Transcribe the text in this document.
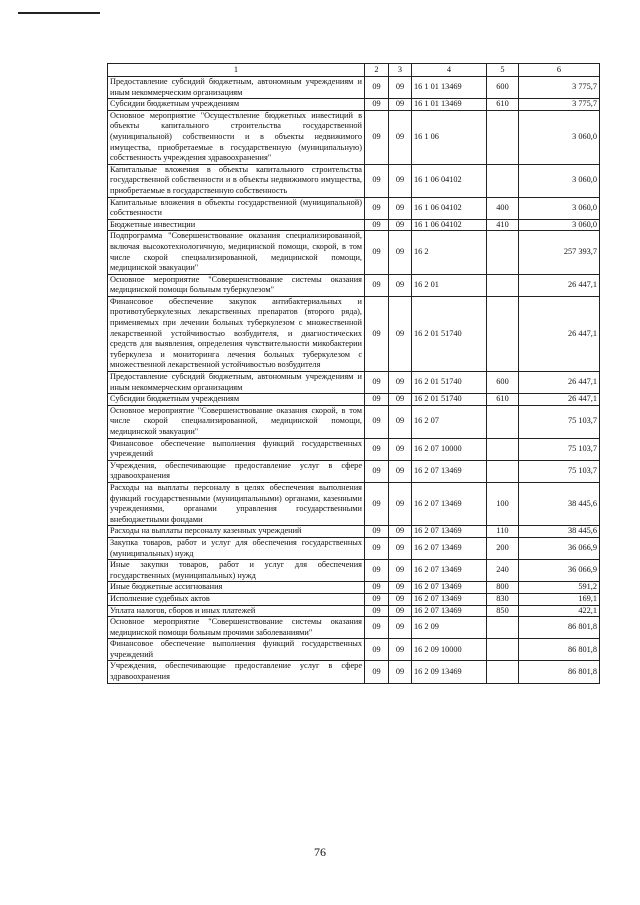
1	2	3	4	5	6
Предоставление субсидий бюджетным, автономным учреждениям и иным некоммерческим организациям	09	09	16 1 01 13469	600	3 775,7
Субсидии бюджетным учреждениям	09	09	16 1 01 13469	610	3 775,7
Основное мероприятие "Осуществление бюджетных инвестиций в объекты капитального строительства государственной (муниципальной) собственности и в объекты недвижимого имущества, приобретаемые в государственную (муниципальную) собственность учреждения здравоохранения"	09	09	16 1 06		3 060,0
Капитальные вложения в объекты капитального строительства государственной собственности и в объекты недвижимого имущества, приобретаемые в государственную собственность	09	09	16 1 06 04102		3 060,0
Капитальные вложения в объекты государственной (муниципальной) собственности	09	09	16 1 06 04102	400	3 060,0
Бюджетные инвестиции	09	09	16 1 06 04102	410	3 060,0
Подпрограмма "Совершенствование оказания специализированной, включая высокотехнологичную, медицинской помощи, скорой, в том числе скорой специализированной, медицинской помощи, медицинской эвакуации"	09	09	16 2		257 393,7
Основное мероприятие "Совершенствование системы оказания медицинской помощи больным туберкулезом"	09	09	16 2 01		26 447,1
Финансовое обеспечение закупок антибактериальных и противотуберкулезных лекарственных препаратов (второго ряда), применяемых при лечении больных туберкулезом с множественной лекарственной устойчивостью возбудителя, и диагностических средств для выявления, определения чувствительности микобактерии туберкулеза и мониторинга лечения больных туберкулезом с множественной лекарственной устойчивостью возбудителя	09	09	16 2 01 51740		26 447,1
Предоставление субсидий бюджетным, автономным учреждениям и иным некоммерческим организациям	09	09	16 2 01 51740	600	26 447,1
Субсидии бюджетным учреждениям	09	09	16 2 01 51740	610	26 447,1
Основное мероприятие "Совершенствование оказания скорой, в том числе скорой специализированной, медицинской помощи, медицинской эвакуации"	09	09	16 2 07		75 103,7
Финансовое обеспечение выполнения функций государственных учреждений	09	09	16 2 07 10000		75 103,7
Учреждения, обеспечивающие предоставление услуг в сфере здравоохранения	09	09	16 2 07 13469		75 103,7
Расходы на выплаты персоналу в целях обеспечения выполнения функций государственными (муниципальными) органами, казенными учреждениями, органами управления государственными внебюджетными фондами	09	09	16 2 07 13469	100	38 445,6
Расходы на выплаты персоналу казенных учреждений	09	09	16 2 07 13469	110	38 445,6
Закупка товаров, работ и услуг для обеспечения государственных (муниципальных) нужд	09	09	16 2 07 13469	200	36 066,9
Иные закупки товаров, работ и услуг для обеспечения государственных (муниципальных) нужд	09	09	16 2 07 13469	240	36 066,9
Иные бюджетные ассигнования	09	09	16 2 07 13469	800	591,2
Исполнение судебных актов	09	09	16 2 07 13469	830	169,1
Уплата налогов, сборов и иных платежей	09	09	16 2 07 13469	850	422,1
Основное мероприятие "Совершенствование системы оказания медицинской помощи больным прочими заболеваниями"	09	09	16 2 09		86 801,8
Финансовое обеспечение выполнения функций государственных учреждений	09	09	16 2 09 10000		86 801,8
Учреждения, обеспечивающие предоставление услуг в сфере здравоохранения	09	09	16 2 09 13469		86 801,8
76
